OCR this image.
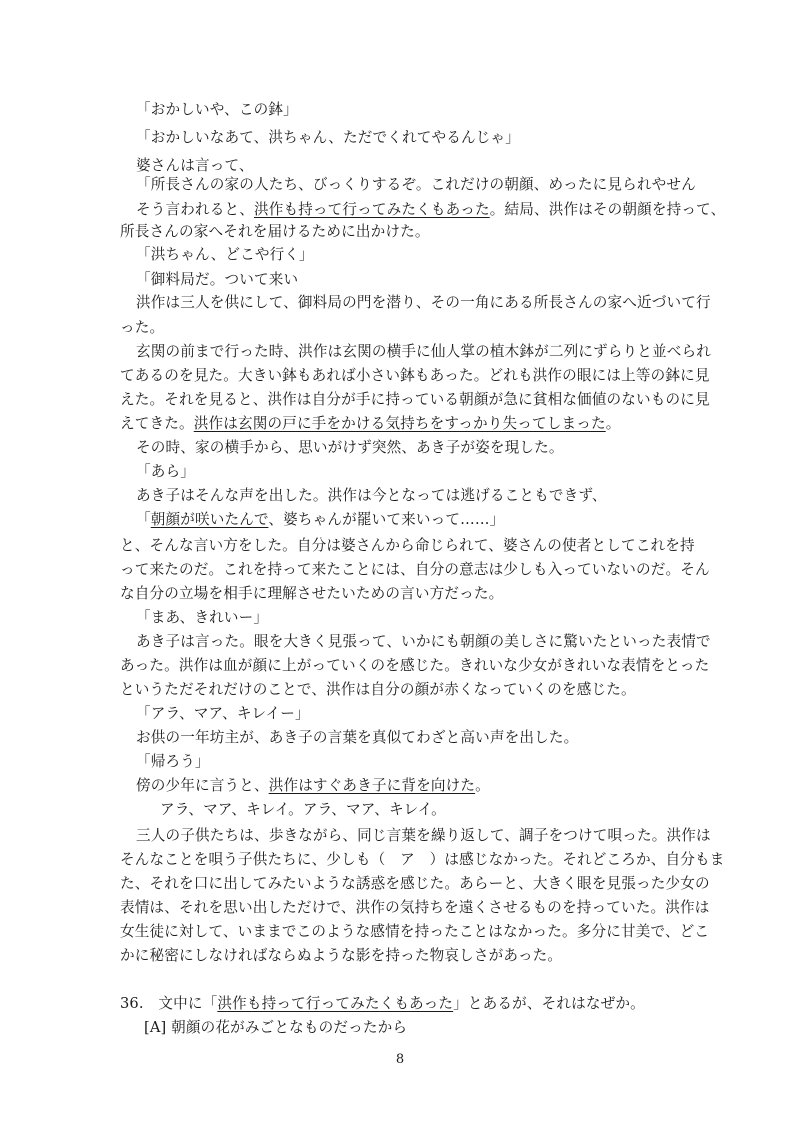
「おかしいや、この鉢」
「おかしいなあて、洪ちゃん、ただでくれてやるんじゃ」
婆さんは言って、
「所長さんの家の人たち、びっくりするぞ。これだけの朝顔、めったに見られやせん
そう言われると、洪作も持って行ってみたくもあった。結局、洪作はその朝顔を持って、
所長さんの家へそれを届けるために出かけた。
「洪ちゃん、どこや行く」
「御料局だ。ついて来い
洪作は三人を供にして、御料局の門を潜り、その一角にある所長さんの家へ近づいて行
った。
玄関の前まで行った時、洪作は玄関の横手に仙人掌の植木鉢が二列にずらりと並べられ
てあるのを見た。大きい鉢もあれば小さい鉢もあった。どれも洪作の眼には上等の鉢に見
えた。それを見ると、洪作は自分が手に持っている朝顔が急に貧相な価値のないものに見
えてきた。洪作は玄関の戸に手をかける気持ちをすっかり失ってしまった。
その時、家の横手から、思いがけず突然、あき子が姿を現した。
「あら」
あき子はそんな声を出した。洪作は今となっては逃げることもできず、
「朝顔が咲いたんで、婆ちゃんが罷いて来いって……」
と、そんな言い方をした。自分は婆さんから命じられて、婆さんの使者としてこれを持
って来たのだ。これを持って来たことには、自分の意志は少しも入っていないのだ。そん
な自分の立場を相手に理解させたいための言い方だった。
「まあ、きれいー」
あき子は言った。眼を大きく見張って、いかにも朝顔の美しさに驚いたといった表情で
あった。洪作は血が顔に上がっていくのを感じた。きれいな少女がきれいな表情をとった
というただそれだけのことで、洪作は自分の顔が赤くなっていくのを感じた。
「アラ、マア、キレイー」
お供の一年坊主が、あき子の言葉を真似てわざと高い声を出した。
「帰ろう」
傍の少年に言うと、洪作はすぐあき子に背を向けた。
アラ、マア、キレイ。アラ、マア、キレイ。
三人の子供たちは、歩きながら、同じ言葉を繰り返して、調子をつけて唄った。洪作は
そんなことを唄う子供たちに、少しも（　ア　）は感じなかった。それどころか、自分もま
た、それを口に出してみたいような誘惑を感じた。あらーと、大きく眼を見張った少女の
表情は、それを思い出しただけで、洪作の気持ちを遠くさせるものを持っていた。洪作は
女生徒に対して、いままでこのような感情を持ったことはなかった。多分に甘美で、どこ
かに秘密にしなければならぬような影を持った物哀しさがあった。
36.　文中に「洪作も持って行ってみたくもあった」とあるが、それはなぜか。
[A] 朝顔の花がみごとなものだったから
8
